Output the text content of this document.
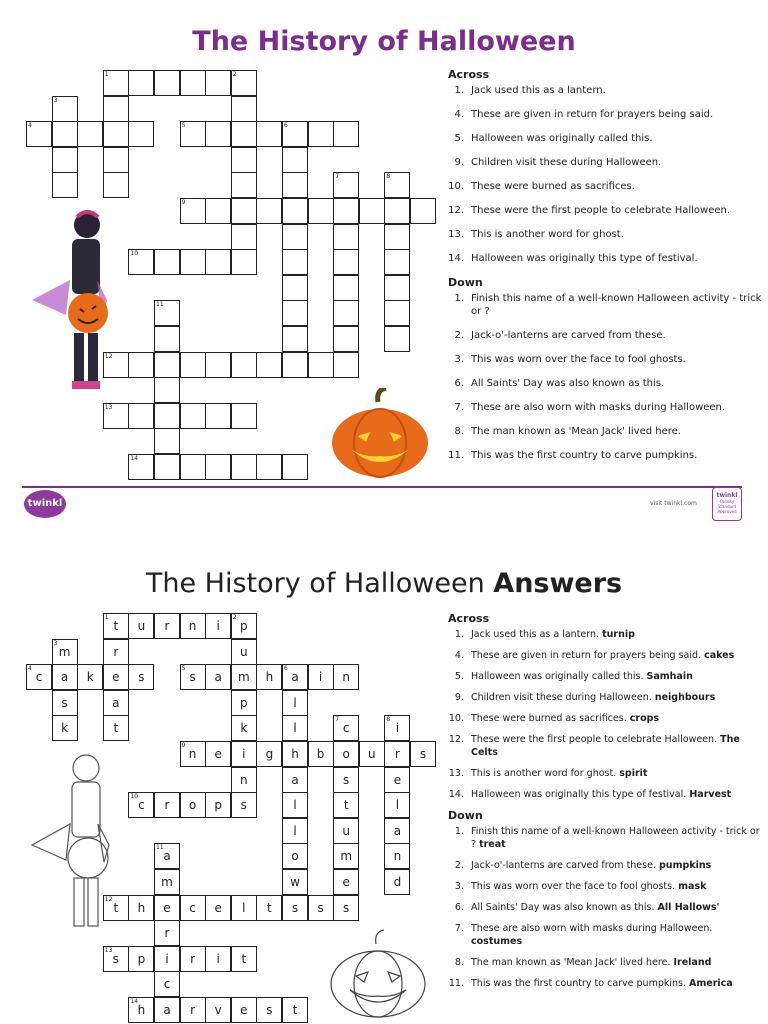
The History of Halloween
1	2
3
4	5	6
7	8
9
10
11
12
13
14
Across
1. Jack used this as a lantern.
4. These are given in return for prayers being said.
5. Halloween was originally called this.
9. Children visit these during Halloween.
10. These were burned as sacrifices.
12. These were the first people to celebrate Halloween.
13. This is another word for ghost.
14. Halloween was originally this type of festival.
Down
1. Finish this name of a well-known Halloween activity - trick or ?
2. Jack-o'-lanterns are carved from these.
3. This was worn over the face to fool ghosts.
6. All Saints' Day was also known as this.
7. These are also worn with masks during Halloween.
8. The man known as 'Mean Jack' lived here.
11. This was the first country to carve pumpkins.
twinkl	visit twinkl.com
twinkl
Quality Standard Approved
The History of Halloween Answers
1
t	u	r	n	i
2
p
u
m
p
k
i
n
s
3
m
a
s
k
r
e
a
t
4
c	k	s
5
s	a	h
6
a	i	n
l
l
h
a
l
l
o
w
s
7
c
o
s
t
u
m
e
s
8
i
r
e
l
a
n
d
9
n	e	g	b	u	s
10
c	r	o	p
11
a
m
e
r
i
c
a
12
t	h	c	e	l	t	s
13
s	p	r	i	t
14
h	r	v	e	s	t
Across
1. Jack used this as a lantern. turnip
4. These are given in return for prayers being said. cakes
5. Halloween was originally called this. Samhain
9. Children visit these during Halloween. neighbours
10. These were burned as sacrifices. crops
12. These were the first people to celebrate Halloween. The Celts
13. This is another word for ghost. spirit
14. Halloween was originally this type of festival. Harvest
Down
1. Finish this name of a well-known Halloween activity - trick or ? treat
2. Jack-o'-lanterns are carved from these. pumpkins
3. This was worn over the face to fool ghosts. mask
6. All Saints' Day was also known as this. All Hallows'
7. These are also worn with masks during Halloween. costumes
8. The man known as 'Mean Jack' lived here. Ireland
11. This was the first country to carve pumpkins. America
